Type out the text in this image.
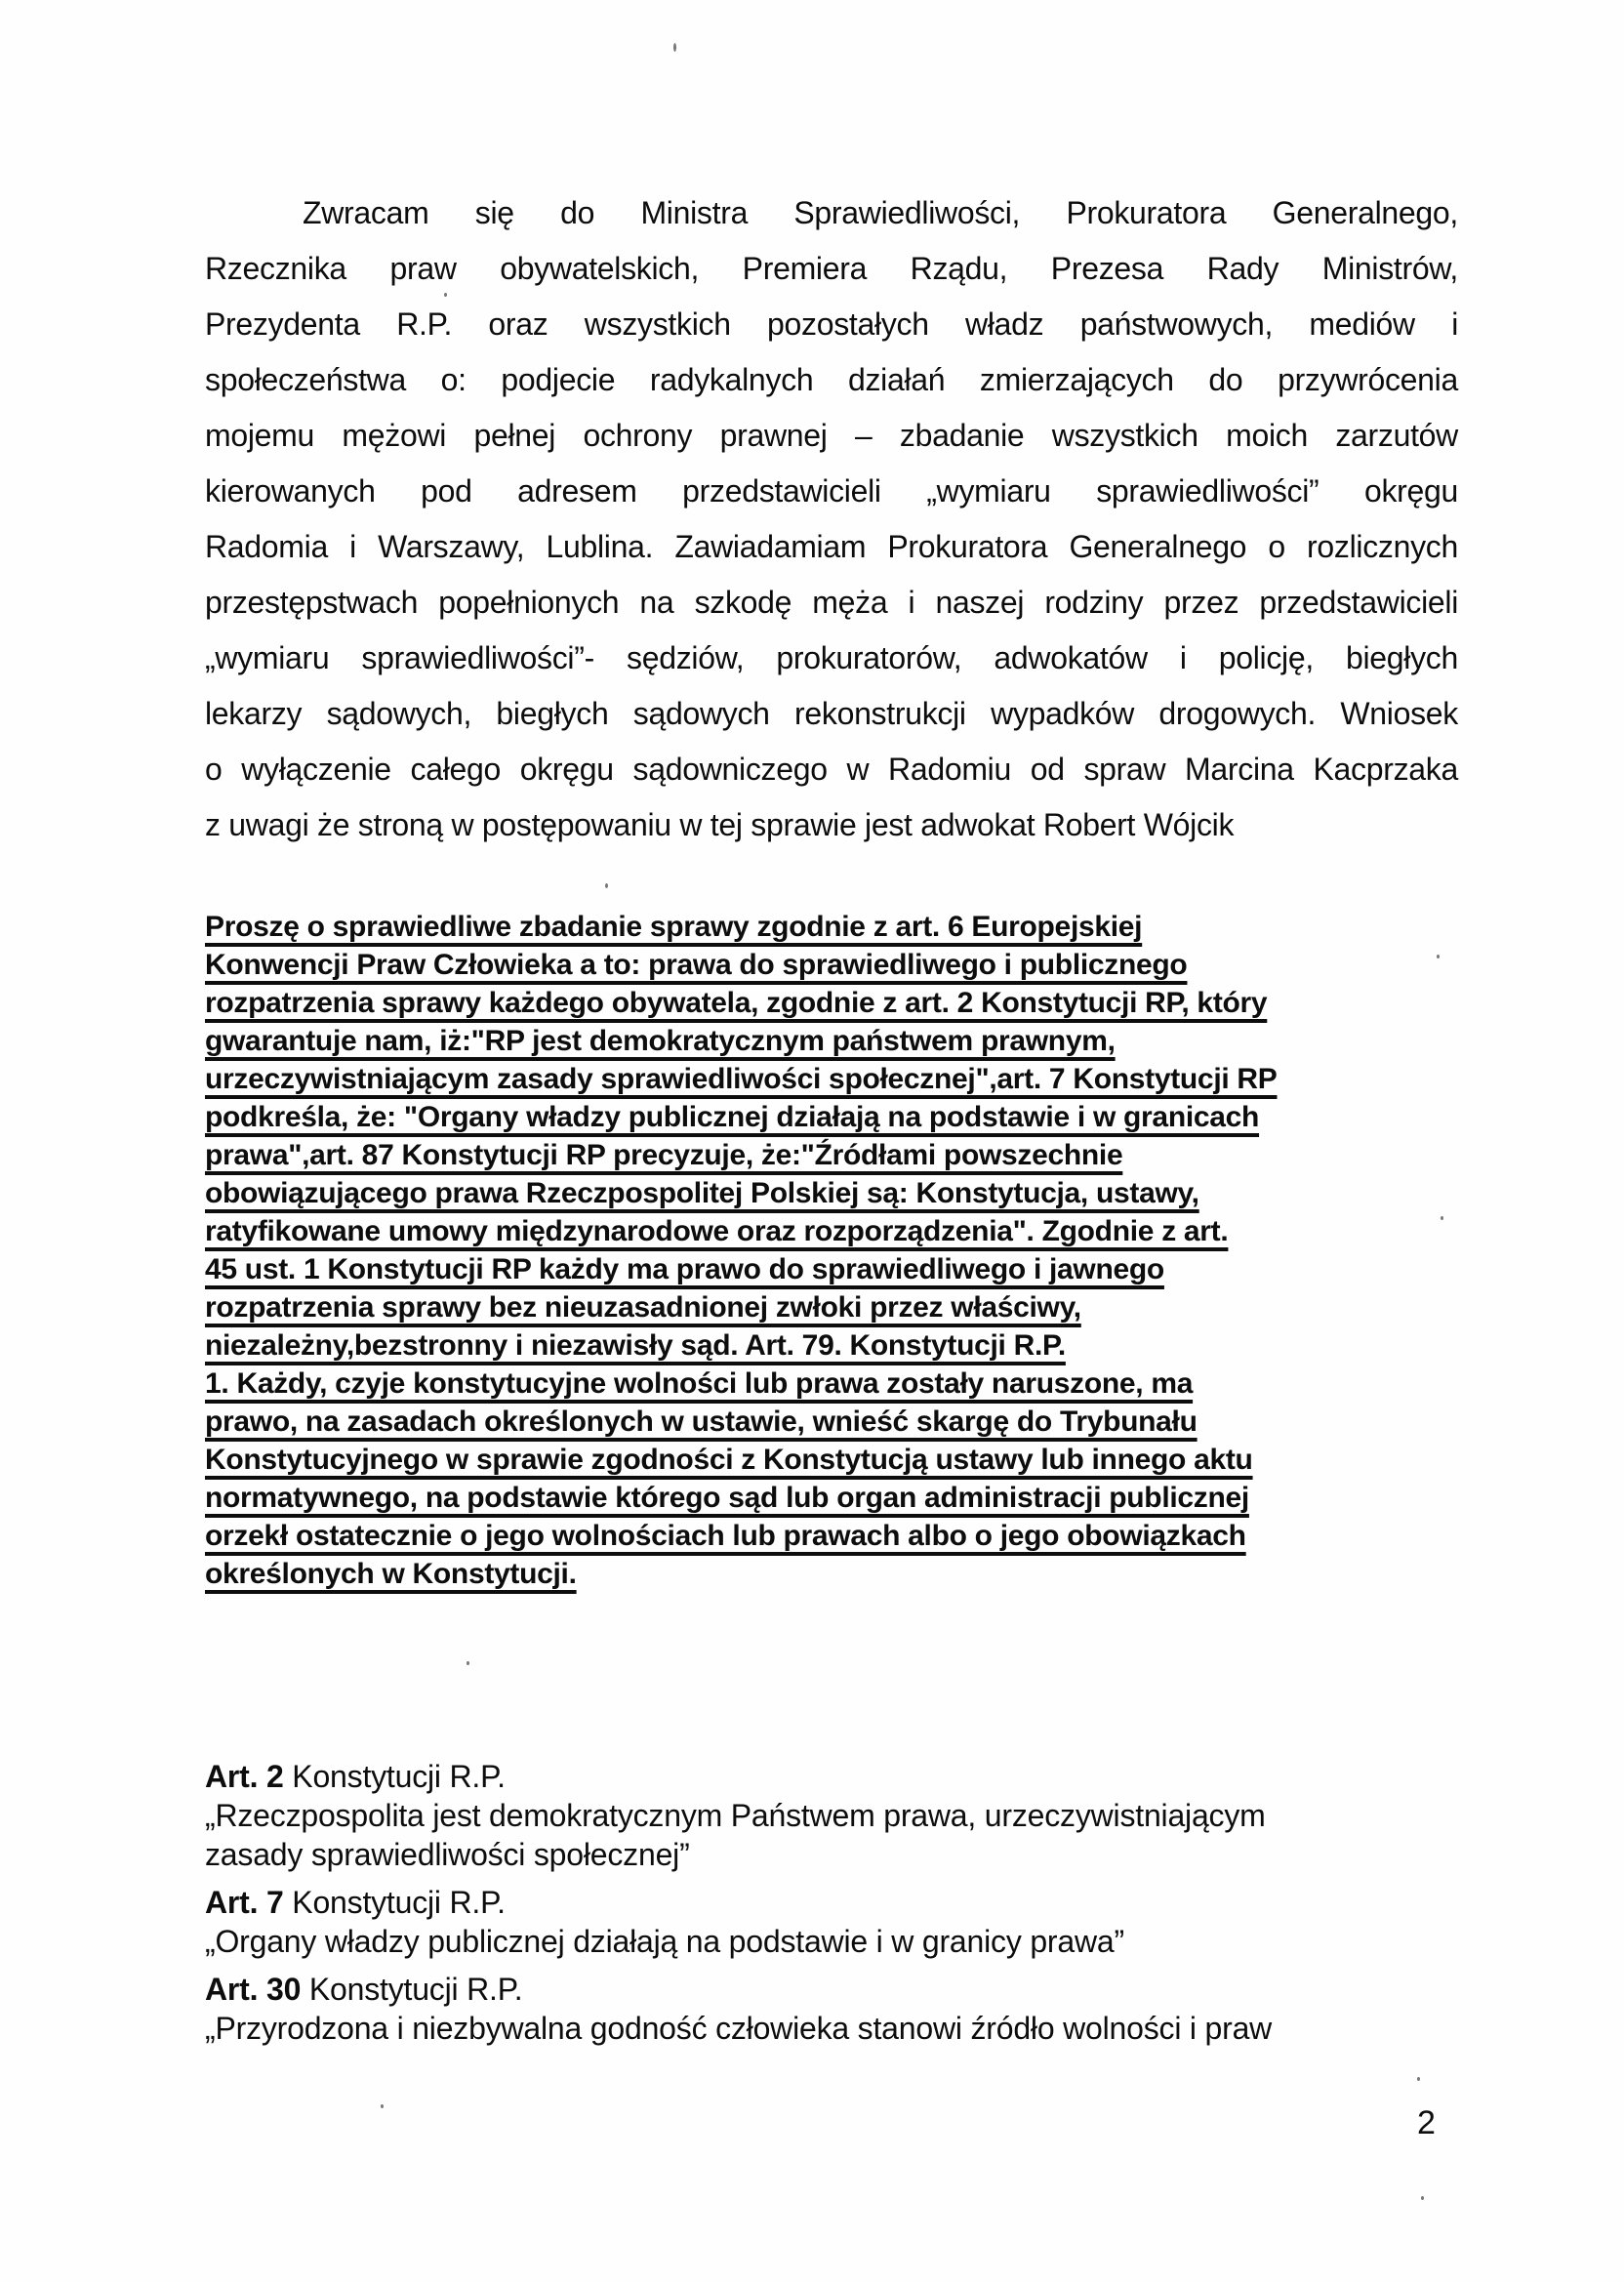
Zwracam się do Ministra Sprawiedliwości, Prokuratora Generalnego,
Rzecznika praw obywatelskich, Premiera Rządu, Prezesa Rady Ministrów,
Prezydenta R.P. oraz wszystkich pozostałych władz państwowych, mediów i
społeczeństwa o: podjecie radykalnych działań zmierzających do przywrócenia
mojemu mężowi pełnej ochrony prawnej – zbadanie wszystkich moich zarzutów
kierowanych pod adresem przedstawicieli „wymiaru sprawiedliwości” okręgu
Radomia i Warszawy, Lublina. Zawiadamiam Prokuratora Generalnego o rozlicznych
przestępstwach popełnionych na szkodę męża i naszej rodziny przez przedstawicieli
„wymiaru sprawiedliwości”- sędziów, prokuratorów, adwokatów i policję, biegłych
lekarzy sądowych, biegłych sądowych rekonstrukcji wypadków drogowych. Wniosek
o wyłączenie całego okręgu sądowniczego w Radomiu od spraw Marcina Kacprzaka
z uwagi że stroną w postępowaniu w tej sprawie jest adwokat Robert Wójcik
Proszę o sprawiedliwe zbadanie sprawy zgodnie z art. 6 Europejskiej
Konwencji Praw Człowieka a to: prawa do sprawiedliwego i publicznego
rozpatrzenia sprawy każdego obywatela, zgodnie z art. 2 Konstytucji RP, który
gwarantuje nam, iż:"RP jest demokratycznym państwem prawnym,
urzeczywistniającym zasady sprawiedliwości społecznej",art. 7 Konstytucji RP
podkreśla, że: "Organy władzy publicznej działają na podstawie i w granicach
prawa",art. 87 Konstytucji RP precyzuje, że:"Źródłami powszechnie
obowiązującego prawa Rzeczpospolitej Polskiej są: Konstytucja, ustawy,
ratyfikowane umowy międzynarodowe oraz rozporządzenia". Zgodnie z art.
45 ust. 1 Konstytucji RP każdy ma prawo do sprawiedliwego i jawnego
rozpatrzenia sprawy bez nieuzasadnionej zwłoki przez właściwy,
niezależny,bezstronny i niezawisły sąd. Art. 79. Konstytucji R.P.
1. Każdy, czyje konstytucyjne wolności lub prawa zostały naruszone, ma
prawo, na zasadach określonych w ustawie, wnieść skargę do Trybunału
Konstytucyjnego w sprawie zgodności z Konstytucją ustawy lub innego aktu
normatywnego, na podstawie którego sąd lub organ administracji publicznej
orzekł ostatecznie o jego wolnościach lub prawach albo o jego obowiązkach
określonych w Konstytucji.
Art. 2 Konstytucji R.P.
„Rzeczpospolita jest demokratycznym Państwem prawa, urzeczywistniającym
zasady sprawiedliwości społecznej”
Art. 7 Konstytucji R.P.
„Organy władzy publicznej działają na podstawie i w granicy prawa”
Art. 30 Konstytucji R.P.
„Przyrodzona i niezbywalna godność człowieka stanowi źródło wolności i praw
2
